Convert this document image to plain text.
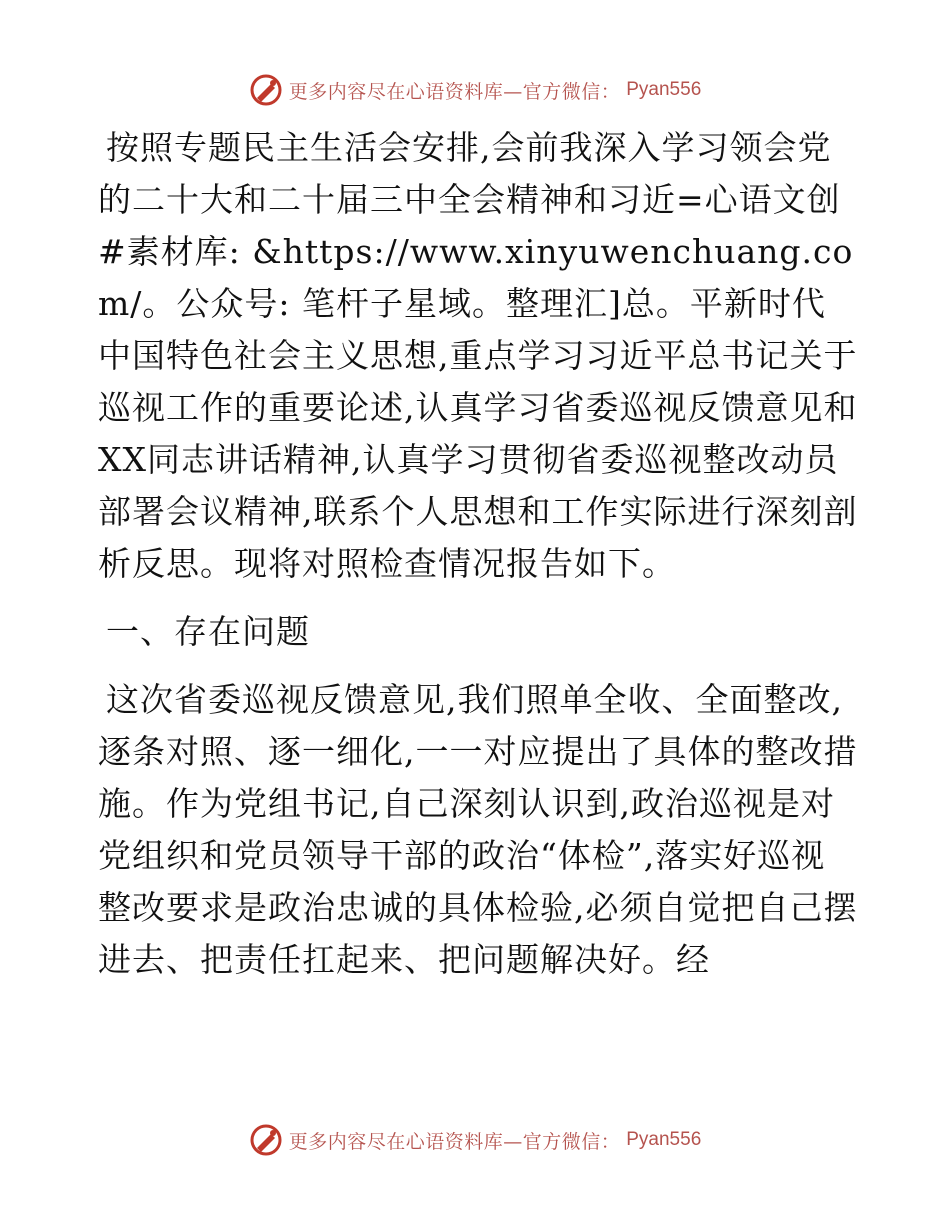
更多内容尽在心语资料库—官方微信： Pyan556

按照专题民主生活会安排,会前我深入学习领会党的二十大和二十届三中全会精神和习近=心语文创#素材库: &https://www.xinyuwenchuang.com/。公众号: 笔杆子星域。整理汇]总。平新时代中国特色社会主义思想,重点学习习近平总书记关于巡视工作的重要论述,认真学习省委巡视反馈意见和XX同志讲话精神,认真学习贯彻省委巡视整改动员部署会议精神,联系个人思想和工作实际进行深刻剖析反思。现将对照检查情况报告如下。

一、存在问题

这次省委巡视反馈意见,我们照单全收、全面整改,逐条对照、逐一细化,一一对应提出了具体的整改措施。作为党组书记,自己深刻认识到,政治巡视是对党组织和党员领导干部的政治“体检”,落实好巡视整改要求是政治忠诚的具体检验,必须自觉把自己摆进去、把责任扛起来、把问题解决好。经

更多内容尽在心语资料库—官方微信： Pyan556
